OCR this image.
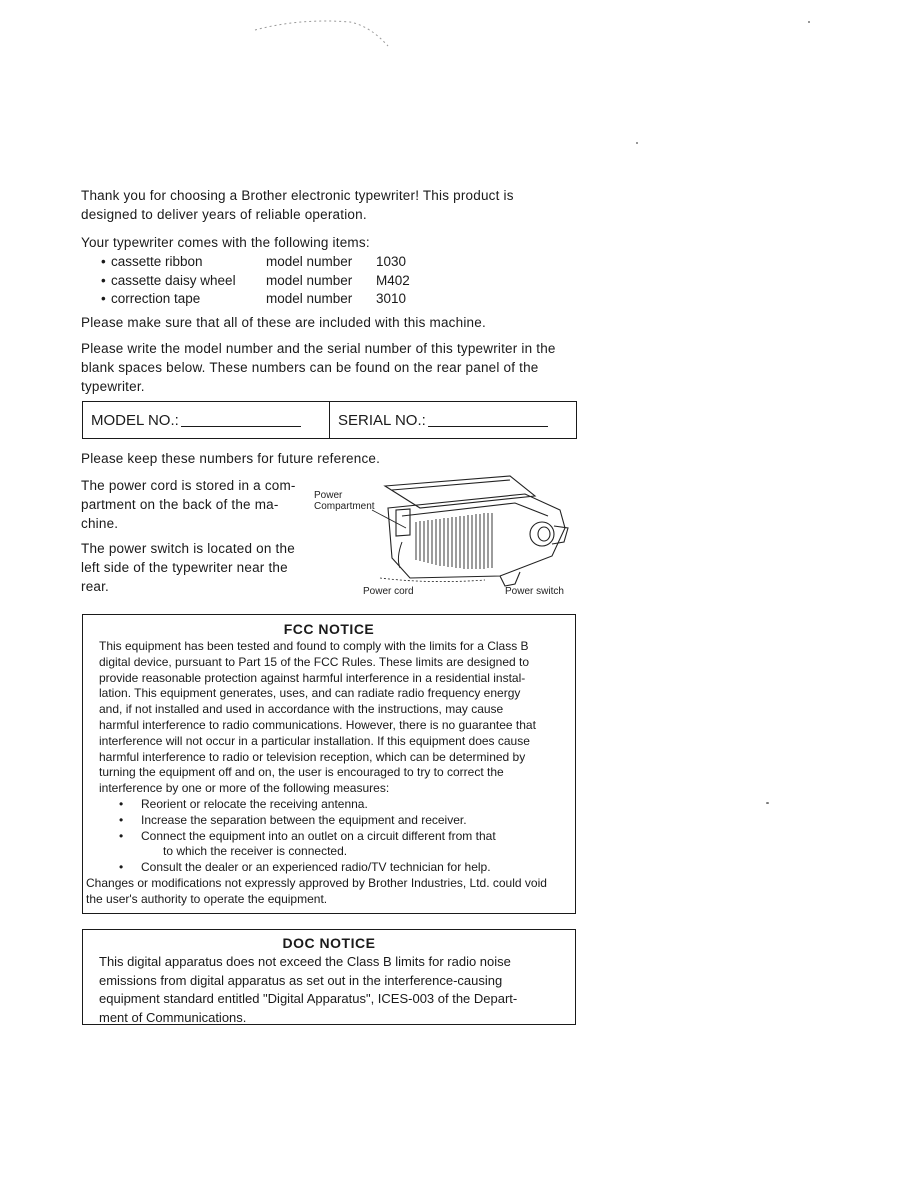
Thank you for choosing a Brother electronic typewriter! This product is
designed to deliver years of reliable operation.
Your typewriter comes with the following items:
• cassette ribbon	model number 1030
• cassette daisy wheel model number M402
• correction tape	model number 3010
Please make sure that all of these are included with this machine.
Please write the model number and the serial number of this typewriter in the
blank spaces below. These numbers can be found on the rear panel of the
typewriter.
MODEL NO.:	SERIAL NO.:
Please keep these numbers for future reference.
The power cord is stored in a com-
partment on the back of the ma-
chine.
The power switch is located on the
left side of the typewriter near the
rear.
Power
Compartment
Power cord	Power switch
FCC NOTICE
This equipment has been tested and found to comply with the limits for a Class B
digital device, pursuant to Part 15 of the FCC Rules. These limits are designed to
provide reasonable protection against harmful interference in a residential instal-
lation. This equipment generates, uses, and can radiate radio frequency energy
and, if not installed and used in accordance with the instructions, may cause
harmful interference to radio communications. However, there is no guarantee that
interference will not occur in a particular installation. If this equipment does cause
harmful interference to radio or television reception, which can be determined by
turning the equipment off and on, the user is encouraged to try to correct the
interference by one or more of the following measures:
• Reorient or relocate the receiving antenna.
• Increase the separation between the equipment and receiver.
• Connect the equipment into an outlet on a circuit different from that
to which the receiver is connected.
• Consult the dealer or an experienced radio/TV technician for help.
Changes or modifications not expressly approved by Brother Industries, Ltd. could void
the user's authority to operate the equipment.
DOC NOTICE
This digital apparatus does not exceed the Class B limits for radio noise
emissions from digital apparatus as set out in the interference-causing
equipment standard entitled "Digital Apparatus", ICES-003 of the Depart-
ment of Communications.
